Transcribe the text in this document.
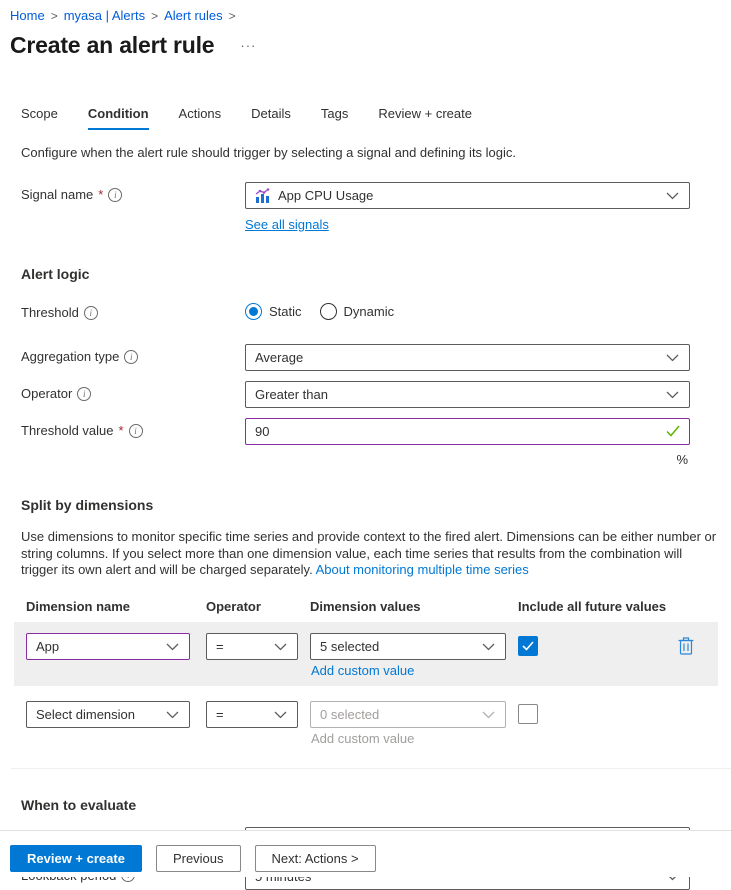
Home > myasa | Alerts > Alert rules >
Create an alert rule ···
Scope Condition Actions Details Tags Review + create

Configure when the alert rule should trigger by selecting a signal and defining its logic.

Signal name *	i	App CPU Usage
See all signals
Alert logic
Threshold	i	Static	Dynamic
Aggregation type	i	Average
Operator	i	Greater than
Threshold value *	i	90
%
Split by dimensions

Use dimensions to monitor specific time series and provide context to the fired alert. Dimensions can be either number or string columns. If you select more than one dimension value, each time series that results from the combination will trigger its own alert and will be charged separately. About monitoring multiple time series

Dimension name	Operator	Dimension values	Include all future values
App	=	5 selected
Add custom value
Select dimension	=	0 selected
Add custom value
When to evaluate
Review + create	Previous	Next: Actions >
